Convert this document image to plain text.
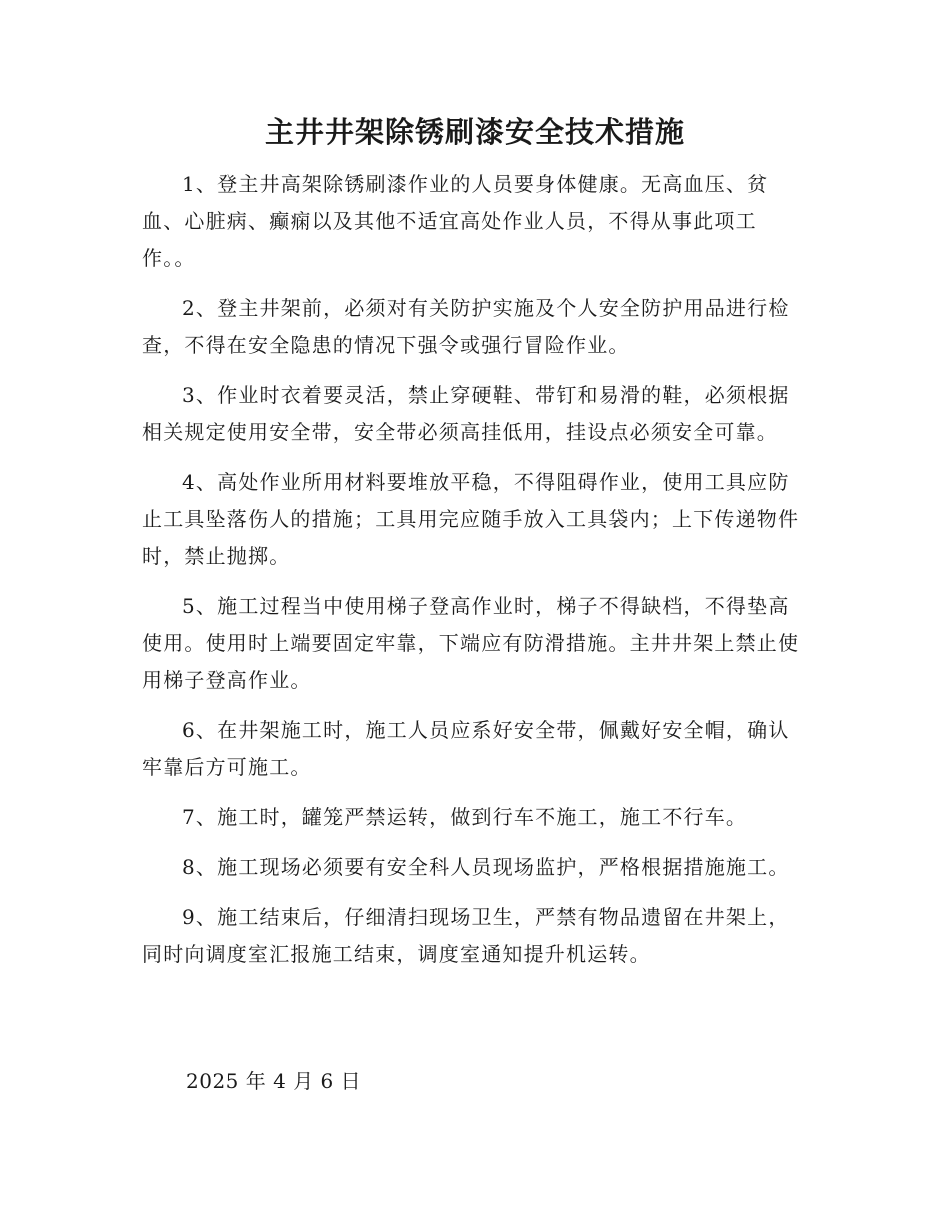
主井井架除锈刷漆安全技术措施

1、登主井高架除锈刷漆作业的人员要身体健康。无高血压、贫血、心脏病、癫痫以及其他不适宜高处作业人员，不得从事此项工作。。

2、登主井架前，必须对有关防护实施及个人安全防护用品进行检查，不得在安全隐患的情况下强令或强行冒险作业。

3、作业时衣着要灵活，禁止穿硬鞋、带钉和易滑的鞋，必须根据相关规定使用安全带，安全带必须高挂低用，挂设点必须安全可靠。

4、高处作业所用材料要堆放平稳，不得阻碍作业，使用工具应防止工具坠落伤人的措施；工具用完应随手放入工具袋内；上下传递物件时，禁止抛掷。

5、施工过程当中使用梯子登高作业时，梯子不得缺档，不得垫高使用。使用时上端要固定牢靠，下端应有防滑措施。主井井架上禁止使用梯子登高作业。

6、在井架施工时，施工人员应系好安全带，佩戴好安全帽，确认牢靠后方可施工。

7、施工时，罐笼严禁运转，做到行车不施工，施工不行车。

8、施工现场必须要有安全科人员现场监护，严格根据措施施工。

9、施工结束后，仔细清扫现场卫生，严禁有物品遗留在井架上，同时向调度室汇报施工结束，调度室通知提升机运转。

2025 年 4 月 6 日
